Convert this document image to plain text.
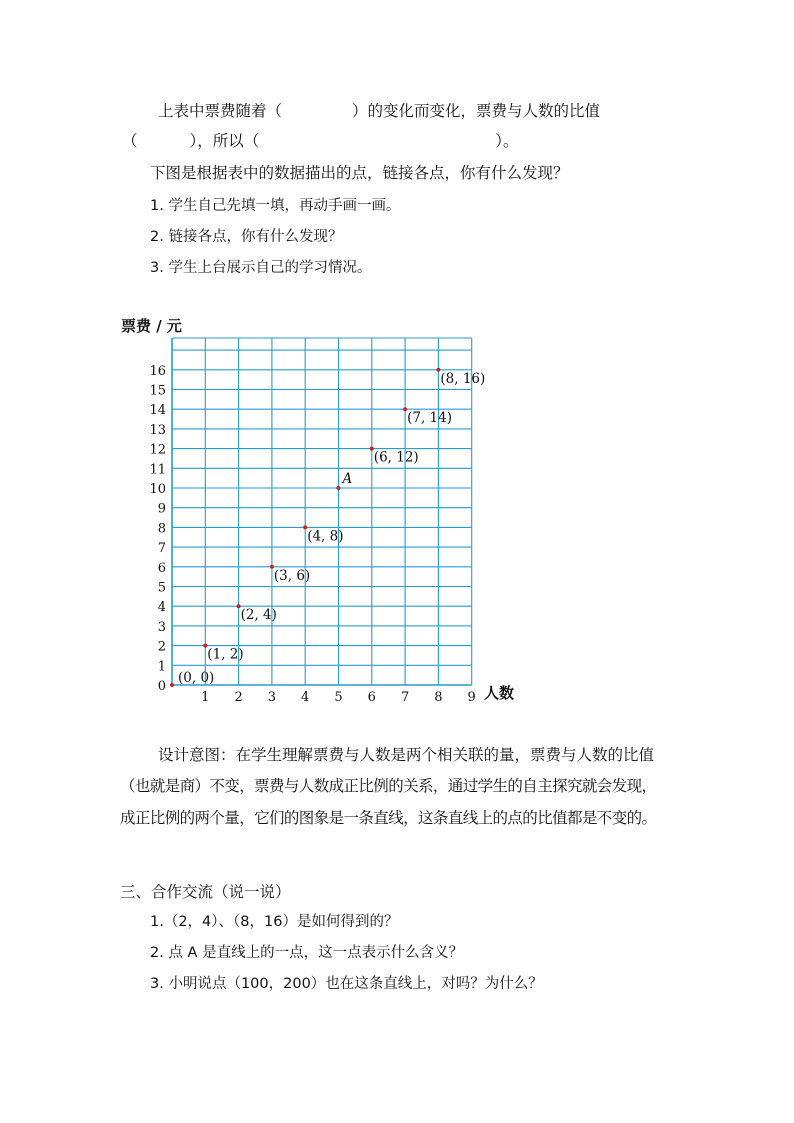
上表中票费随着（	）的变化而变化，票费与人数的比值
（	），所以（	）。
下图是根据表中的数据描出的点，链接各点，你有什么发现？
1. 学生自己先填一填，再动手画一画。
2. 链接各点，你有什么发现？
3. 学生上台展示自己的学习情况。
票费 / 元
人数
1 2 3 4 5 6 7 8 9
0
1
2
3
4
5
6
7
8
9
10
11
12
13
14
15
16
(0, 0)
(1, 2)
(2, 4)
(3, 6)
(4, 8)
A
(6, 12)
(7, 14)
(8, 16)
设计意图：在学生理解票费与人数是两个相关联的量，票费与人数的比值
（也就是商）不变，票费与人数成正比例的关系，通过学生的自主探究就会发现，
成正比例的两个量，它们的图象是一条直线，这条直线上的点的比值都是不变的。
三、合作交流（说一说）
1.（2，4）、（8，16）是如何得到的？
2. 点 A 是直线上的一点，这一点表示什么含义？
3. 小明说点（100，200）也在这条直线上，对吗？为什么？
